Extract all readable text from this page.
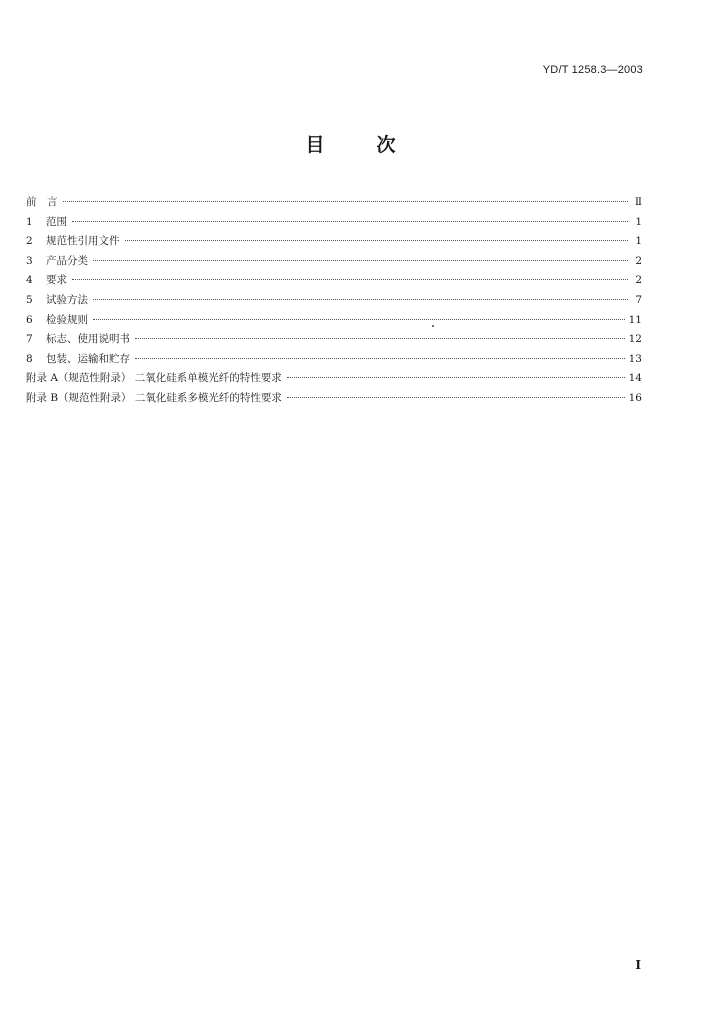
YD/T 1258.3—2003
目次
前　言	Ⅱ
1	范围	1
2	规范性引用文件	1
3	产品分类	2
4	要求	2
5	试验方法	7
6	检验规则	11
7	标志、使用说明书	12
8	包装、运输和贮存	13
附录 A（规范性附录） 二氧化硅系单模光纤的特性要求	14
附录 B（规范性附录） 二氧化硅系多模光纤的特性要求	16
I
